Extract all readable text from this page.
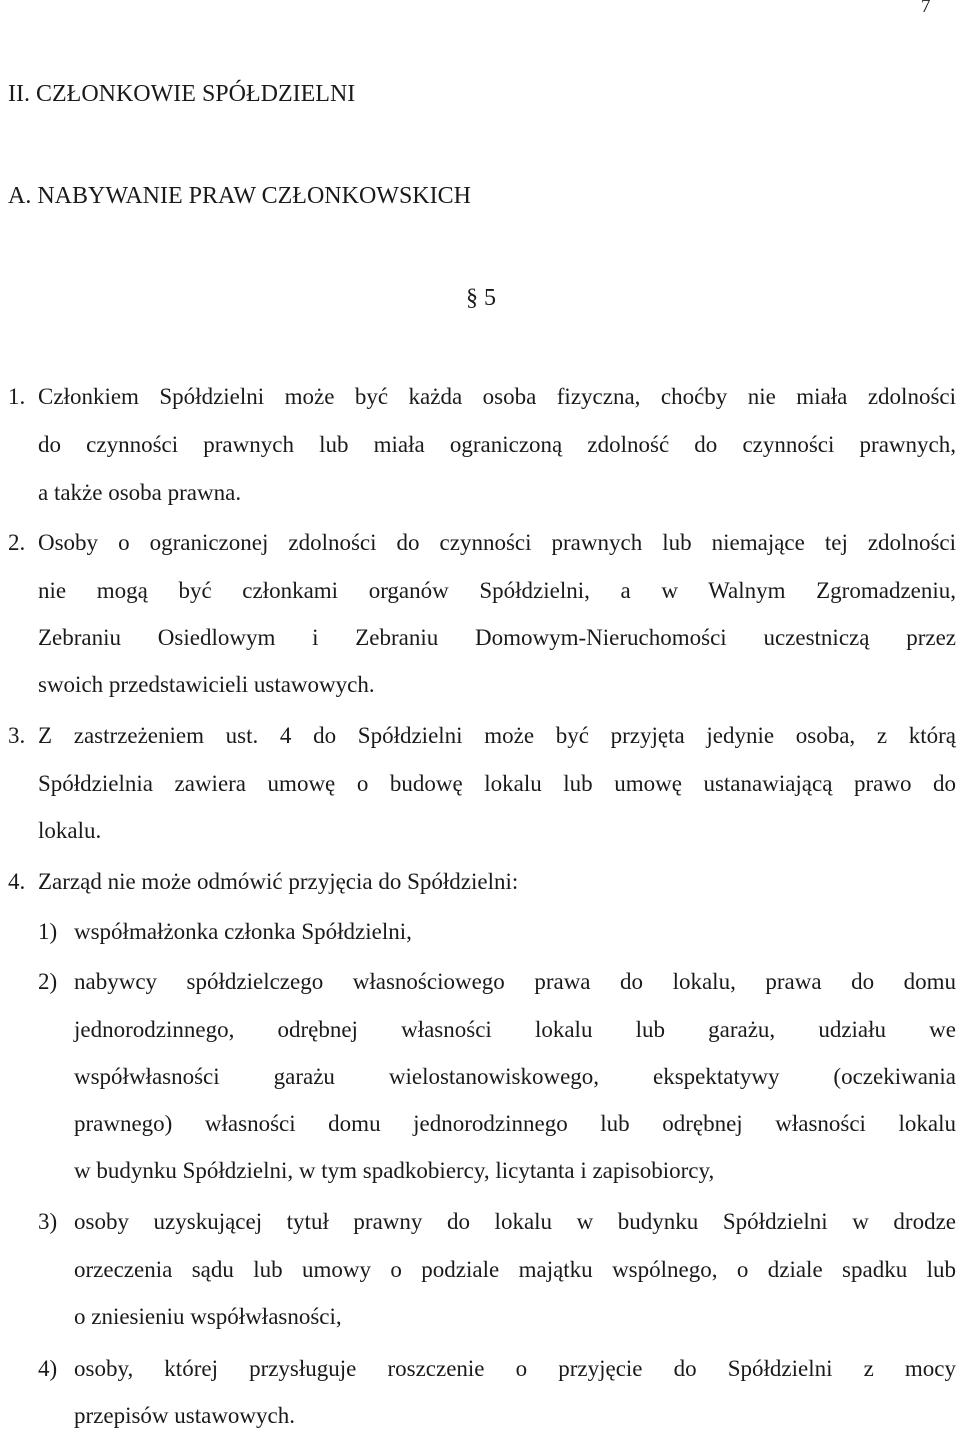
7
II. CZŁONKOWIE SPÓŁDZIELNI
A. NABYWANIE PRAW CZŁONKOWSKICH
§ 5
1. Członkiem Spółdzielni może być każda osoba fizyczna, choćby nie miała zdolności
do czynności prawnych lub miała ograniczoną zdolność do czynności prawnych,
a także osoba prawna.
2. Osoby o ograniczonej zdolności do czynności prawnych lub niemające tej zdolności
nie mogą być członkami organów Spółdzielni, a w Walnym Zgromadzeniu,
Zebraniu Osiedlowym i Zebraniu Domowym-Nieruchomości uczestniczą przez
swoich przedstawicieli ustawowych.
3. Z zastrzeżeniem ust. 4 do Spółdzielni może być przyjęta jedynie osoba, z którą
Spółdzielnia zawiera umowę o budowę lokalu lub umowę ustanawiającą prawo do
lokalu.
4. Zarząd nie może odmówić przyjęcia do Spółdzielni:
1) współmałżonka członka Spółdzielni,
2) nabywcy spółdzielczego własnościowego prawa do lokalu, prawa do domu
jednorodzinnego, odrębnej własności lokalu lub garażu, udziału we
współwłasności garażu wielostanowiskowego, ekspektatywy (oczekiwania
prawnego) własności domu jednorodzinnego lub odrębnej własności lokalu
w budynku Spółdzielni, w tym spadkobiercy, licytanta i zapisobiorcy,
3) osoby uzyskującej tytuł prawny do lokalu w budynku Spółdzielni w drodze
orzeczenia sądu lub umowy o podziale majątku wspólnego, o dziale spadku lub
o zniesieniu współwłasności,
4) osoby, której przysługuje roszczenie o przyjęcie do Spółdzielni z mocy
przepisów ustawowych.
